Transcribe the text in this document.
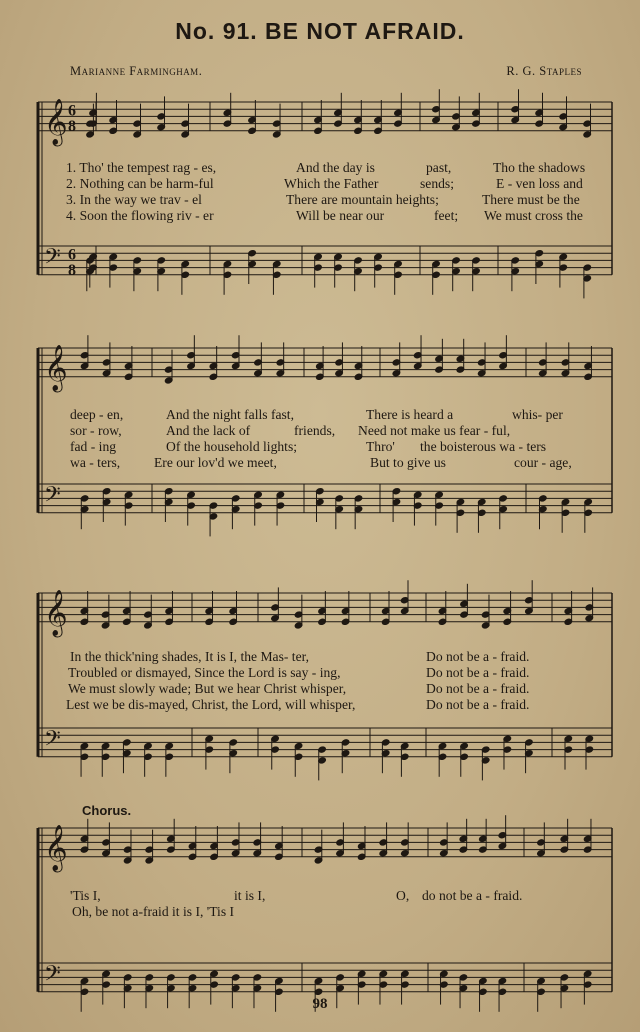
No. 91. BE NOT AFRAID.
Marianne Farmingham.	R. G. Staples
𝄞
𝄢
6
8
6
8
𝄞
𝄢
𝄞
𝄢
𝄞
𝄢
1. Tho' the tempest rag - es,	And the day is	past,	Tho the shadows
2. Nothing can be harm-ful	Which the Father	sends;	E - ven loss and
3. In the way we trav - el	There are mountain heights;	There must be the
4. Soon the flowing riv - er	Will be near our	feet; We must cross the
deep - en,	And the night falls fast,	There is heard a	whis- per
sor - row,	And the lack of	friends, Need not make us fear - ful,
fad - ing	Of the household lights;	Thro' the boisterous wa - ters
wa - ters, Ere our lov'd we meet,	But to give us	cour - age,
In the thick'ning shades, It is I, the Mas- ter,	Do not be a - fraid.
Troubled or dismayed, Since the Lord is say - ing,	Do not be a - fraid.
We must slowly wade; But we hear Christ whisper,	Do not be a - fraid.
Lest we be dis-mayed, Christ, the Lord, will whisper,	Do not be a - fraid.
Chorus.
'Tis I,	it is I,	O, do not be a - fraid.
Oh, be not a-fraid it is I, 'Tis I
98
